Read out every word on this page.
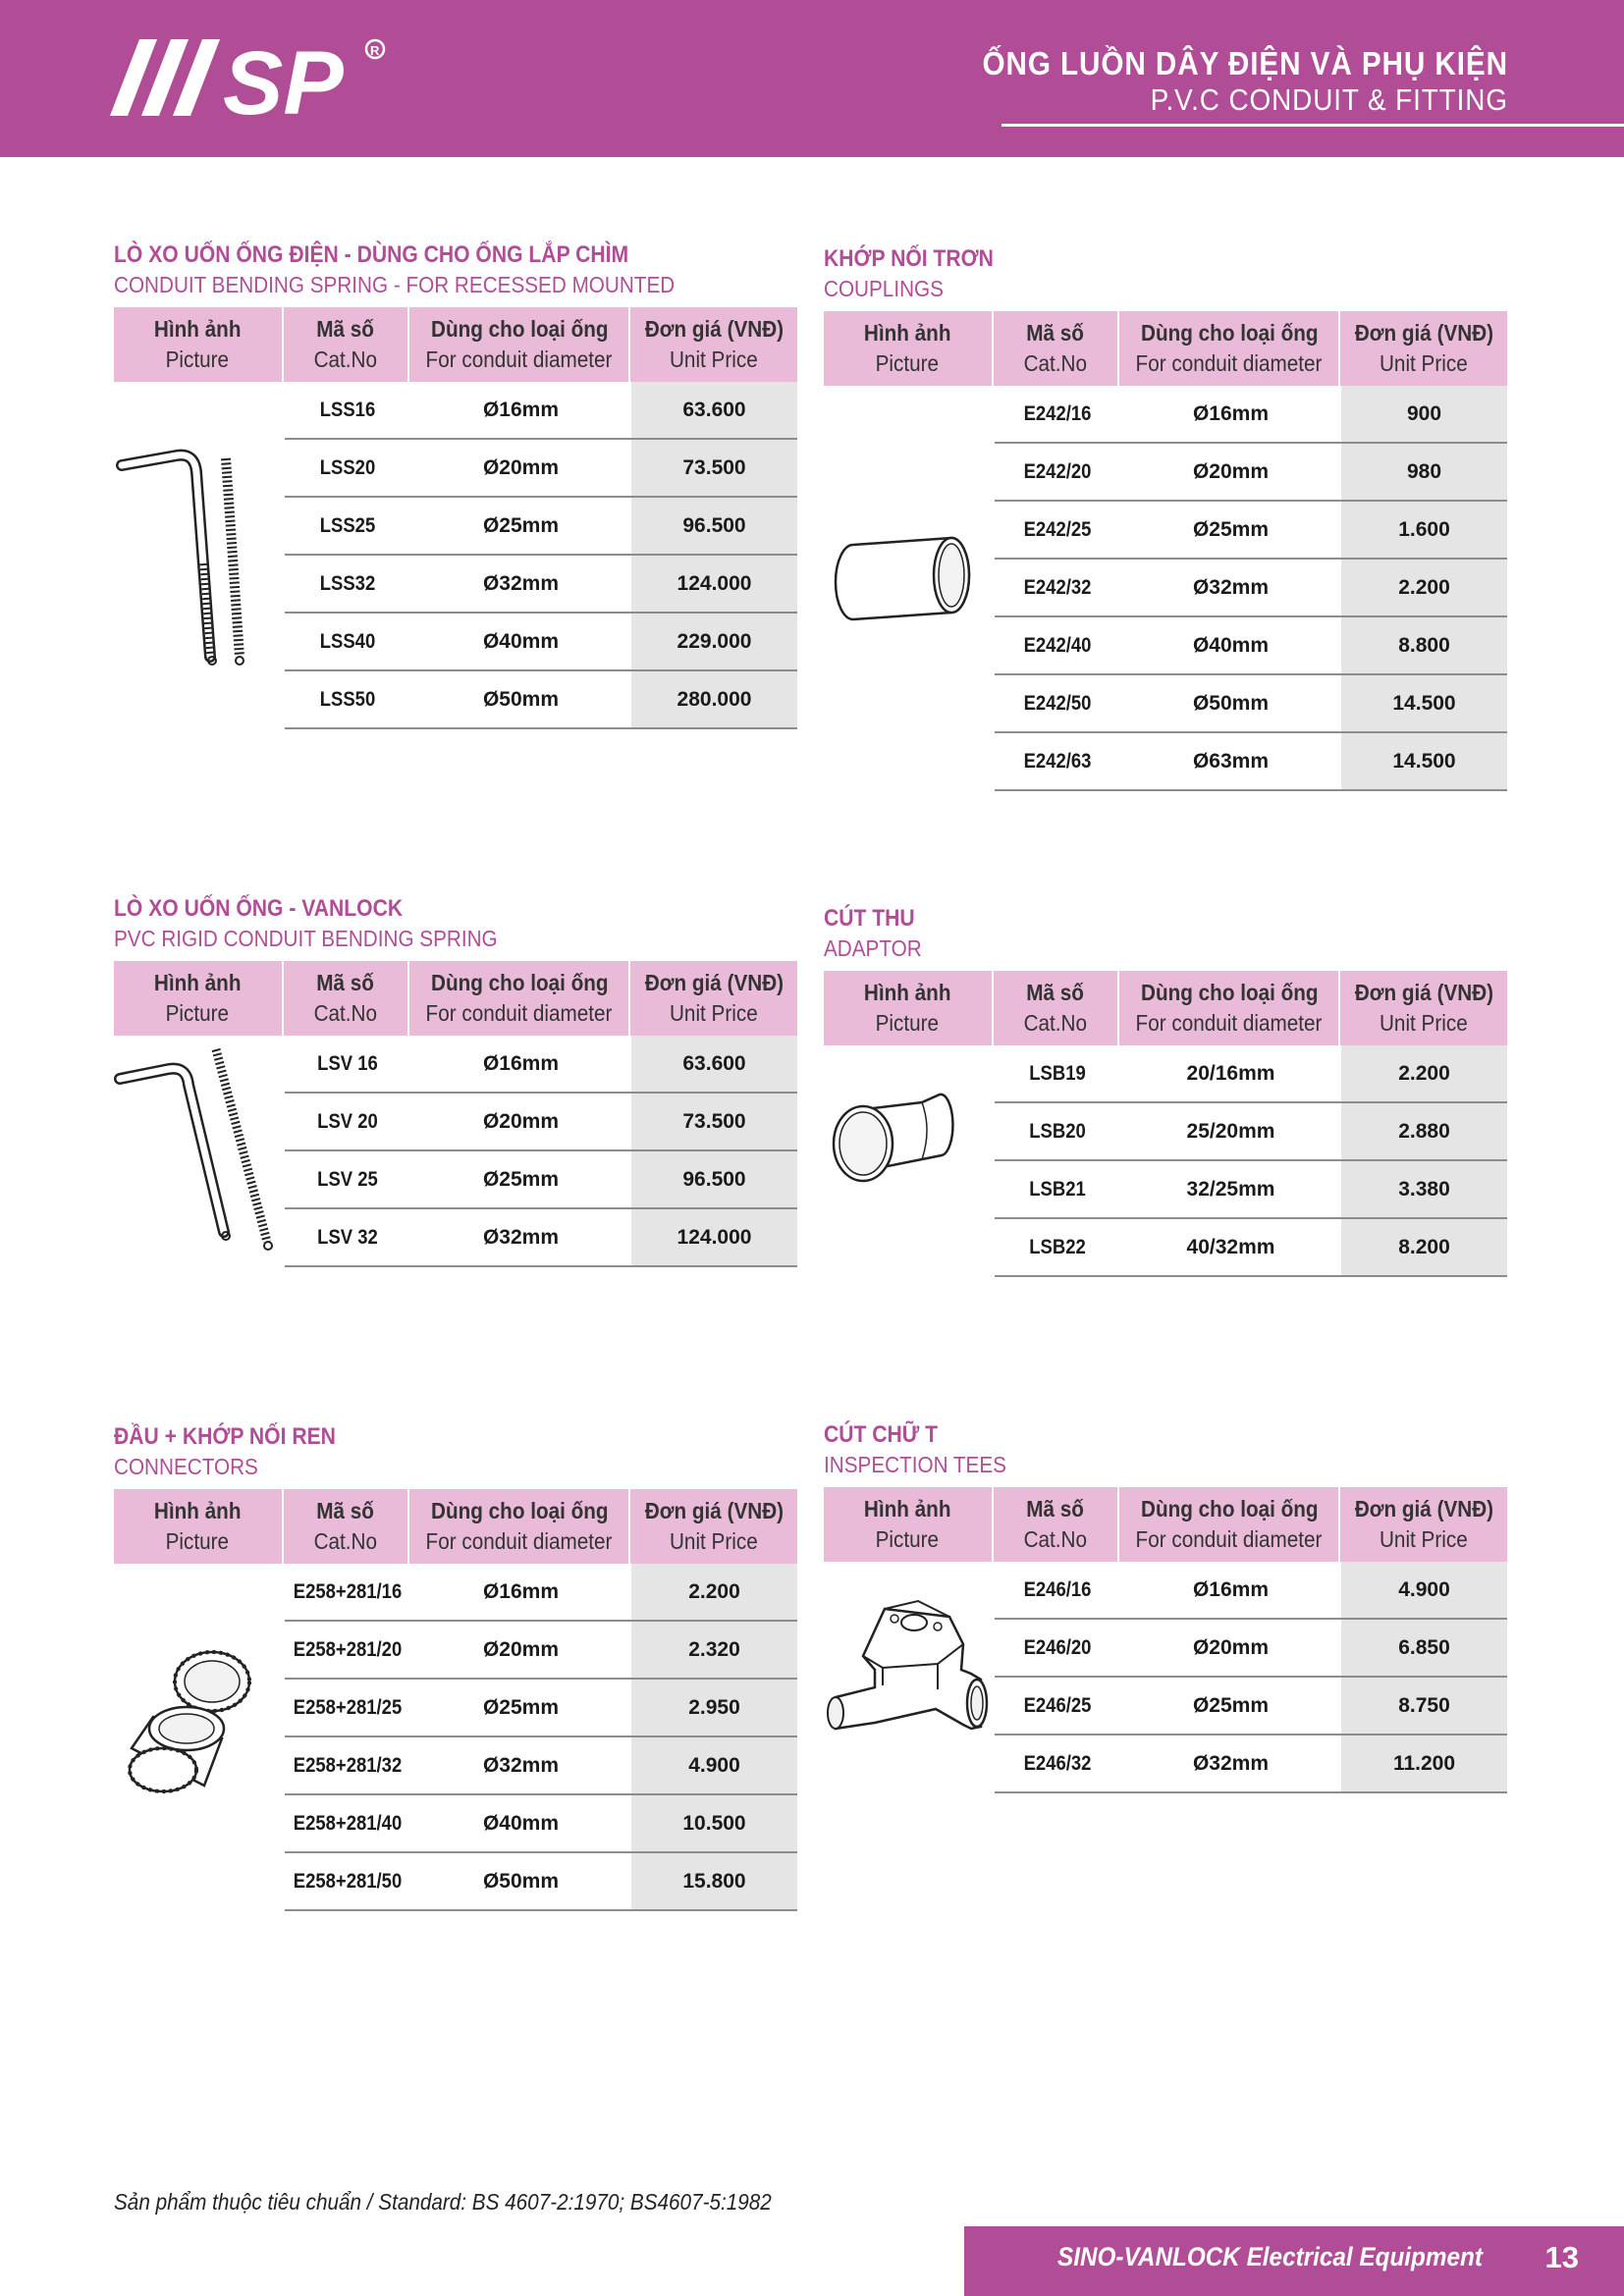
SP R	ỐNG LUỒN DÂY ĐIỆN VÀ PHỤ KIỆN
P.V.C CONDUIT & FITTING
LÒ XO UỐN ỐNG ĐIỆN - DÙNG CHO ỐNG LẮP CHÌM
CONDUIT BENDING SPRING - FOR RECESSED MOUNTED
Hình ảnh
Picture
Mã số
Cat.No
Dùng cho loại ống
For conduit diameter
Đơn giá (VNĐ)
Unit Price
LSS16	Ø16mm	63.600
LSS20	Ø20mm	73.500
LSS25	Ø25mm	96.500
LSS32	Ø32mm	124.000
LSS40	Ø40mm	229.000
LSS50	Ø50mm	280.000
KHỚP NỐI TRƠN
COUPLINGS
Hình ảnh
Picture
Mã số
Cat.No
Dùng cho loại ống
For conduit diameter
Đơn giá (VNĐ)
Unit Price
E242/16	Ø16mm	900
E242/20	Ø20mm	980
E242/25	Ø25mm	1.600
E242/32	Ø32mm	2.200
E242/40	Ø40mm	8.800
E242/50	Ø50mm	14.500
E242/63	Ø63mm	14.500
LÒ XO UỐN ỐNG - VANLOCK
PVC RIGID CONDUIT BENDING SPRING
Hình ảnh
Picture
Mã số
Cat.No
Dùng cho loại ống
For conduit diameter
Đơn giá (VNĐ)
Unit Price
LSV 16	Ø16mm	63.600
LSV 20	Ø20mm	73.500
LSV 25	Ø25mm	96.500
LSV 32	Ø32mm	124.000
CÚT THU
ADAPTOR
Hình ảnh
Picture
Mã số
Cat.No
Dùng cho loại ống
For conduit diameter
Đơn giá (VNĐ)
Unit Price
LSB19	20/16mm	2.200
LSB20	25/20mm	2.880
LSB21	32/25mm	3.380
LSB22	40/32mm	8.200
ĐẦU + KHỚP NỐI REN
CONNECTORS
Hình ảnh
Picture
Mã số
Cat.No
Dùng cho loại ống
For conduit diameter
Đơn giá (VNĐ)
Unit Price
E258+281/16	Ø16mm	2.200
E258+281/20	Ø20mm	2.320
E258+281/25	Ø25mm	2.950
E258+281/32	Ø32mm	4.900
E258+281/40	Ø40mm	10.500
E258+281/50	Ø50mm	15.800
CÚT CHỮ T
INSPECTION TEES
Hình ảnh
Picture
Mã số
Cat.No
Dùng cho loại ống
For conduit diameter
Đơn giá (VNĐ)
Unit Price
E246/16	Ø16mm	4.900
E246/20	Ø20mm	6.850
E246/25	Ø25mm	8.750
E246/32	Ø32mm	11.200
Sản phẩm thuộc tiêu chuẩn / Standard: BS 4607-2:1970; BS4607-5:1982
SINO-VANLOCK Electrical Equipment 13
